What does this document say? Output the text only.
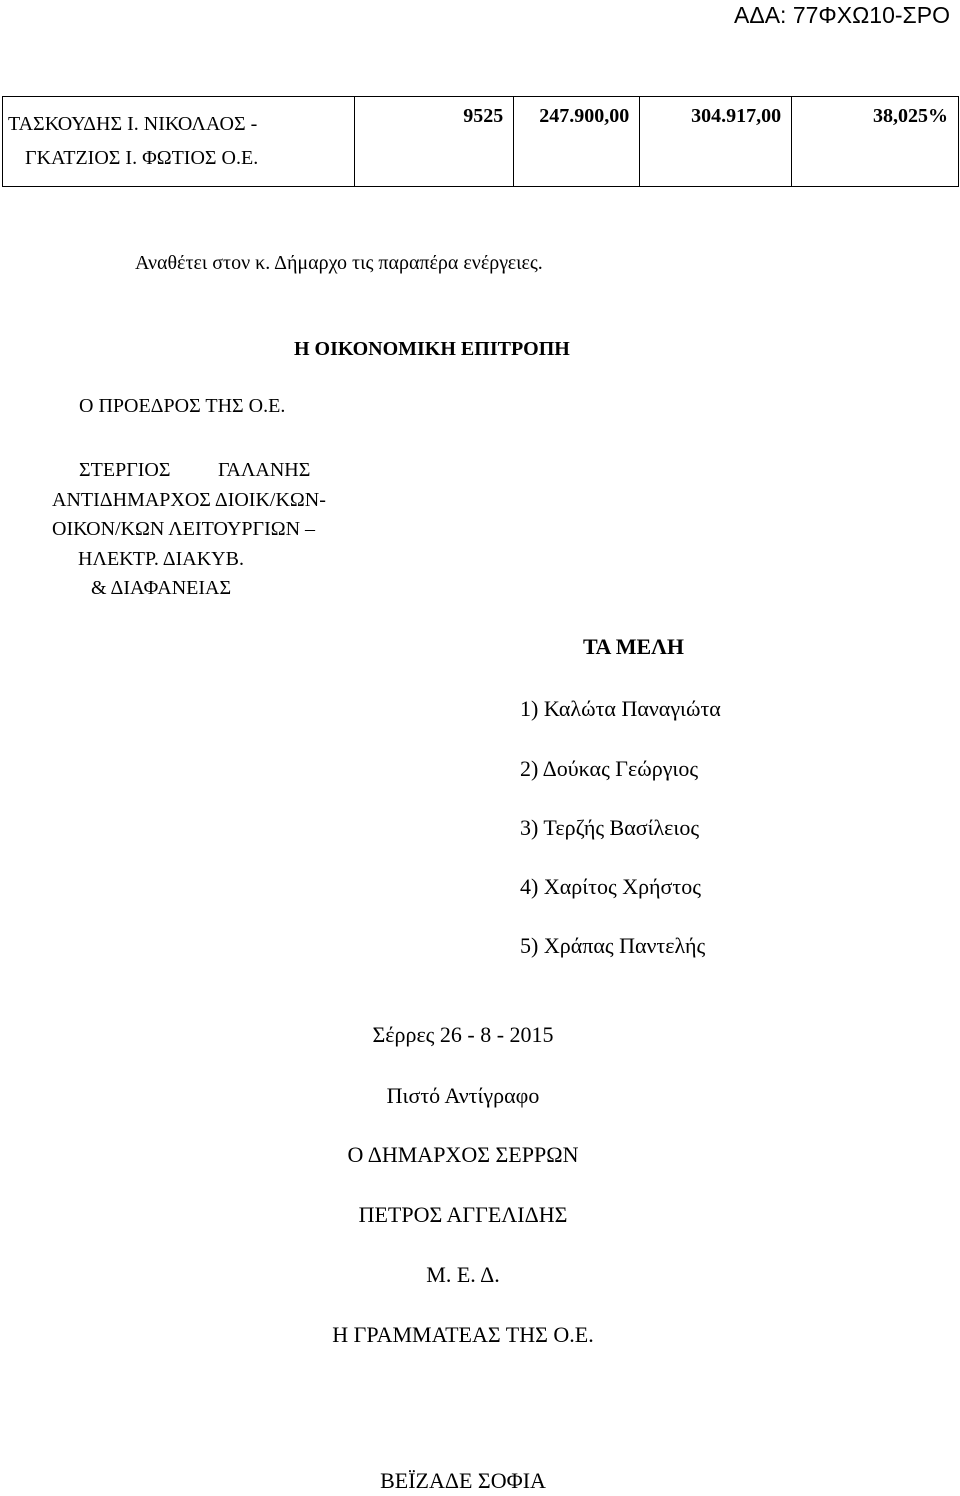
ΑΔΑ: 77ΦΧΩ10-ΣΡΟ
ΤΑΣΚΟΥΔΗΣ Ι. ΝΙΚΟΛΑΟΣ -
ΓΚΑΤΖΙΟΣ Ι. ΦΩΤΙΟΣ Ο.Ε.
	9525	247.900,00	304.917,00	38,025%
Αναθέτει στον κ. Δήμαρχο τις παραπέρα ενέργειες.
Η ΟΙΚΟΝΟΜΙΚΗ ΕΠΙΤΡΟΠΗ
Ο ΠΡΟΕΔΡΟΣ ΤΗΣ Ο.Ε.
ΣΤΕΡΓΙΟΣ ΓΑΛΑΝΗΣ
ΑΝΤΙΔΗΜΑΡΧΟΣ ΔΙΟΙΚ/ΚΩΝ-
ΟΙΚΟΝ/ΚΩΝ ΛΕΙΤΟΥΡΓΙΩΝ –
ΗΛΕΚΤΡ. ΔΙΑΚΥΒ.
& ΔΙΑΦΑΝΕΙΑΣ
ΤΑ ΜΕΛΗ
1) Καλώτα Παναγιώτα
2) Δούκας Γεώργιος
3) Τερζής Βασίλειος
4) Χαρίτος Χρήστος
5) Χράπας Παντελής
Σέρρες 26 - 8 - 2015
Πιστό Αντίγραφο
Ο ΔΗΜΑΡΧΟΣ ΣΕΡΡΩΝ
ΠΕΤΡΟΣ ΑΓΓΕΛΙΔΗΣ
Μ. Ε. Δ.
Η ΓΡΑΜΜΑΤΕΑΣ ΤΗΣ Ο.Ε.
ΒΕΪΖΑΔΕ ΣΟΦΙΑ
